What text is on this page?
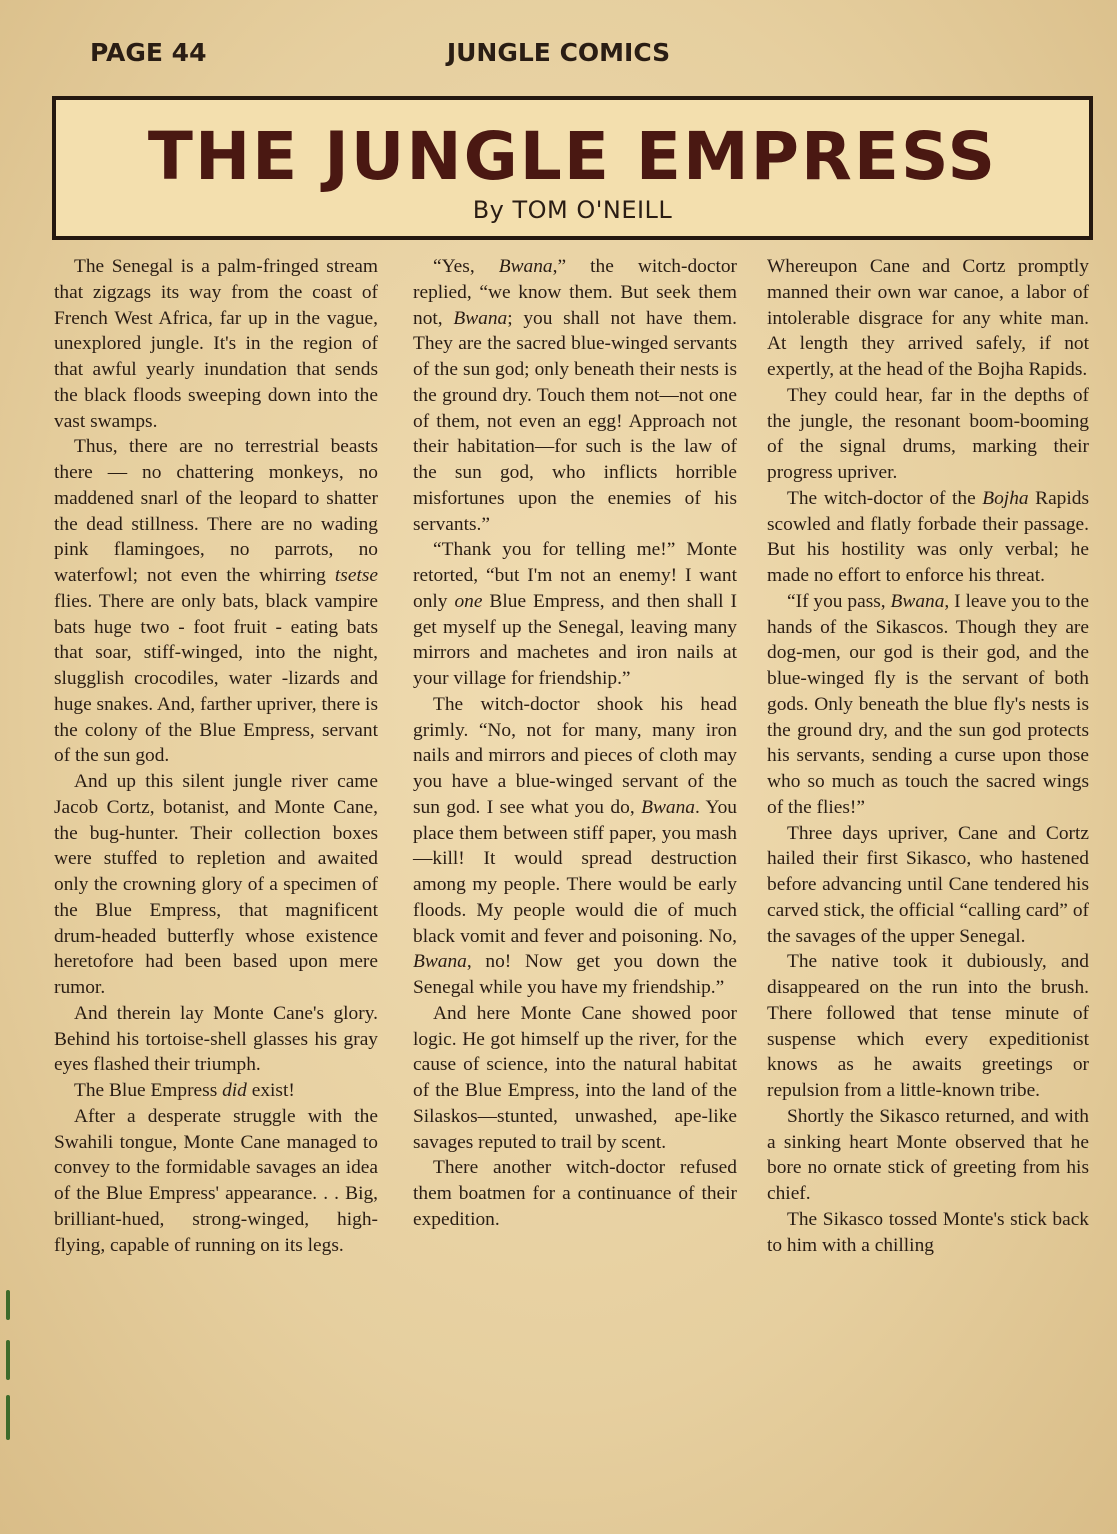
PAGE 44	JUNGLE COMICS
THE JUNGLE EMPRESS
By TOM O'NEILL

The Senegal is a palm-fringed stream that zigzags its way from the coast of French West Africa, far up in the vague, unexplored jungle. It's in the region of that awful yearly inundation that sends the black floods sweeping down into the vast swamps.

Thus, there are no terrestrial beasts there — no chattering monkeys, no maddened snarl of the leopard to shatter the dead stillness. There are no wading pink flamingoes, no parrots, no waterfowl; not even the whirring tsetse flies. There are only bats, black vampire bats huge two - foot fruit - eating bats that soar, stiff-winged, into the night, slugglish crocodiles, water -lizards and huge snakes. And, farther upriver, there is the colony of the Blue Empress, servant of the sun god.

And up this silent jungle river came Jacob Cortz, botanist, and Monte Cane, the bug-hunter. Their collection boxes were stuffed to repletion and awaited only the crowning glory of a specimen of the Blue Empress, that magnificent drum-headed butterfly whose existence heretofore had been based upon mere rumor.

And therein lay Monte Cane's glory. Behind his tortoise-shell glasses his gray eyes flashed their triumph.

The Blue Empress did exist!

After a desperate struggle with the Swahili tongue, Monte Cane managed to convey to the formidable savages an idea of the Blue Empress' appearance. . . Big, brilliant-hued, strong-winged, high-flying, capable of running on its legs.

“Yes, Bwana,” the witch-doctor replied, “we know them. But seek them not, Bwana; you shall not have them. They are the sacred blue-winged servants of the sun god; only beneath their nests is the ground dry. Touch them not—not one of them, not even an egg! Approach not their habitation—for such is the law of the sun god, who inflicts horrible misfortunes upon the enemies of his servants.”

“Thank you for telling me!” Monte retorted, “but I'm not an enemy! I want only one Blue Empress, and then shall I get myself up the Senegal, leaving many mirrors and machetes and iron nails at your village for friendship.”

The witch-doctor shook his head grimly. “No, not for many, many iron nails and mirrors and pieces of cloth may you have a blue-winged servant of the sun god. I see what you do, Bwana. You place them between stiff paper, you mash—kill! It would spread destruction among my people. There would be early floods. My people would die of much black vomit and fever and poisoning. No, Bwana, no! Now get you down the Senegal while you have my friendship.”

And here Monte Cane showed poor logic. He got himself up the river, for the cause of science, into the natural habitat of the Blue Empress, into the land of the Silaskos—stunted, unwashed, ape-like savages reputed to trail by scent.

There another witch-doctor refused them boatmen for a continuance of their expedition.

Whereupon Cane and Cortz promptly manned their own war canoe, a labor of intolerable disgrace for any white man. At length they arrived safely, if not expertly, at the head of the Bojha Rapids.

They could hear, far in the depths of the jungle, the resonant boom-booming of the signal drums, marking their progress upriver.

The witch-doctor of the Bojha Rapids scowled and flatly forbade their passage. But his hostility was only verbal; he made no effort to enforce his threat.

“If you pass, Bwana, I leave you to the hands of the Sikascos. Though they are dog-men, our god is their god, and the blue-winged fly is the servant of both gods. Only beneath the blue fly's nests is the ground dry, and the sun god protects his servants, sending a curse upon those who so much as touch the sacred wings of the flies!”

Three days upriver, Cane and Cortz hailed their first Sikasco, who hastened before advancing until Cane tendered his carved stick, the official “calling card” of the savages of the upper Senegal.

The native took it dubiously, and disappeared on the run into the brush. There followed that tense minute of suspense which every expeditionist knows as he awaits greetings or repulsion from a little-known tribe.

Shortly the Sikasco returned, and with a sinking heart Monte observed that he bore no ornate stick of greeting from his chief.

The Sikasco tossed Monte's stick back to him with a chilling
